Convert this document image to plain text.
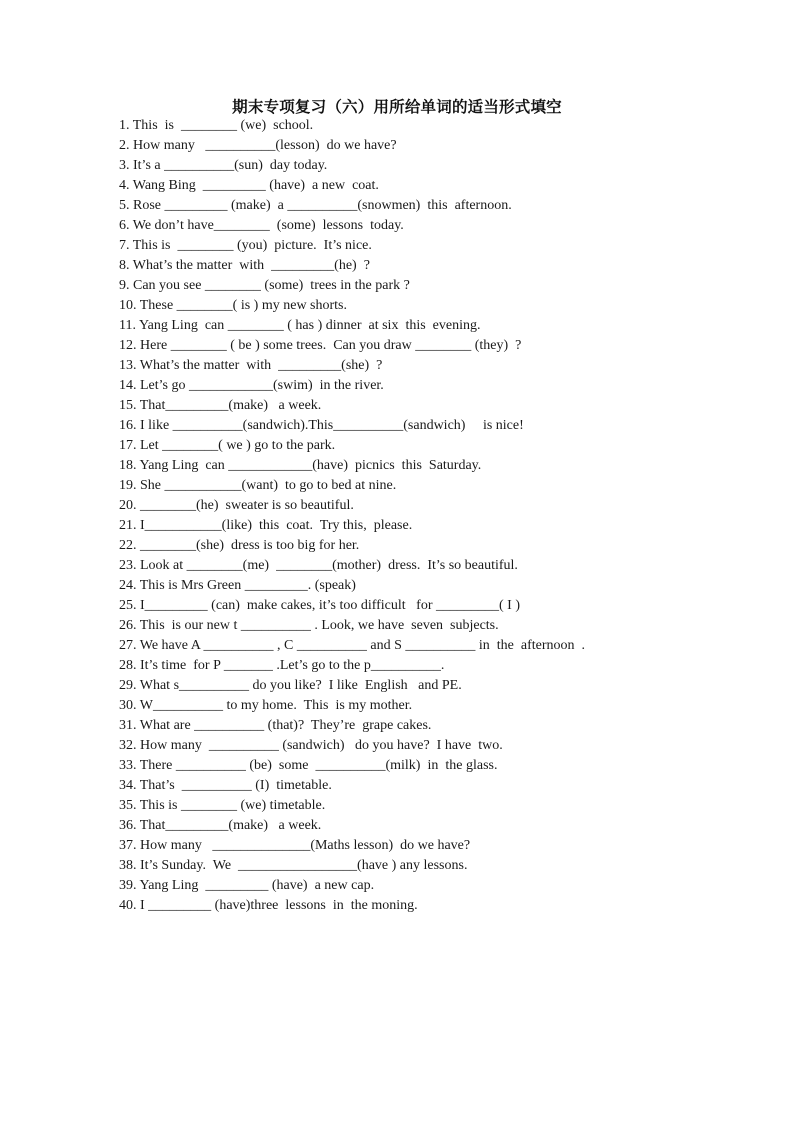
期末专项复习（六）用所给单词的适当形式填空
1. This  is  ________ (we)  school.
2. How many   __________(lesson)  do we have?
3. It’s a __________(sun)  day today.
4. Wang Bing  _________ (have)  a new  coat.
5. Rose _________ (make)  a __________(snowmen)  this  afternoon.
6. We don’t have________  (some)  lessons  today.
7. This is  ________ (you)  picture.  It’s nice.
8. What’s the matter  with  _________(he)  ?
9. Can you see ________ (some)  trees in the park ?
10. These ________( is ) my new shorts.
11. Yang Ling  can ________ ( has ) dinner  at six  this  evening.
12. Here ________ ( be ) some trees.  Can you draw ________ (they)  ?
13. What’s the matter  with  _________(she)  ?
14. Let’s go ____________(swim)  in the river.
15. That_________(make)   a week.
16. I like __________(sandwich).This__________(sandwich)     is nice!
17. Let ________( we ) go to the park.
18. Yang Ling  can ____________(have)  picnics  this  Saturday.
19. She ___________(want)  to go to bed at nine.
20. ________(he)  sweater is so beautiful.
21. I___________(like)  this  coat.  Try this,  please.
22. ________(she)  dress is too big for her.
23. Look at ________(me)  ________(mother)  dress.  It’s so beautiful.
24. This is Mrs Green _________. (speak)
25. I_________ (can)  make cakes, it’s too difficult   for _________( I )
26. This  is our new t __________ . Look, we have  seven  subjects.
27. We have A __________ , C __________ and S __________ in  the  afternoon  .
28. It’s time  for P _______ .Let’s go to the p__________.
29. What s__________ do you like?  I like  English   and PE.
30. W__________ to my home.  This  is my mother.
31. What are __________ (that)?  They’re  grape cakes.
32. How many  __________ (sandwich)   do you have?  I have  two.
33. There __________ (be)  some  __________(milk)  in  the glass.
34. That’s  __________ (I)  timetable.
35. This is ________ (we) timetable.
36. That_________(make)   a week.
37. How many   ______________(Maths lesson)  do we have?
38. It’s Sunday.  We  _________________(have ) any lessons.
39. Yang Ling  _________ (have)  a new cap.
40. I _________ (have)three  lessons  in  the moning.
